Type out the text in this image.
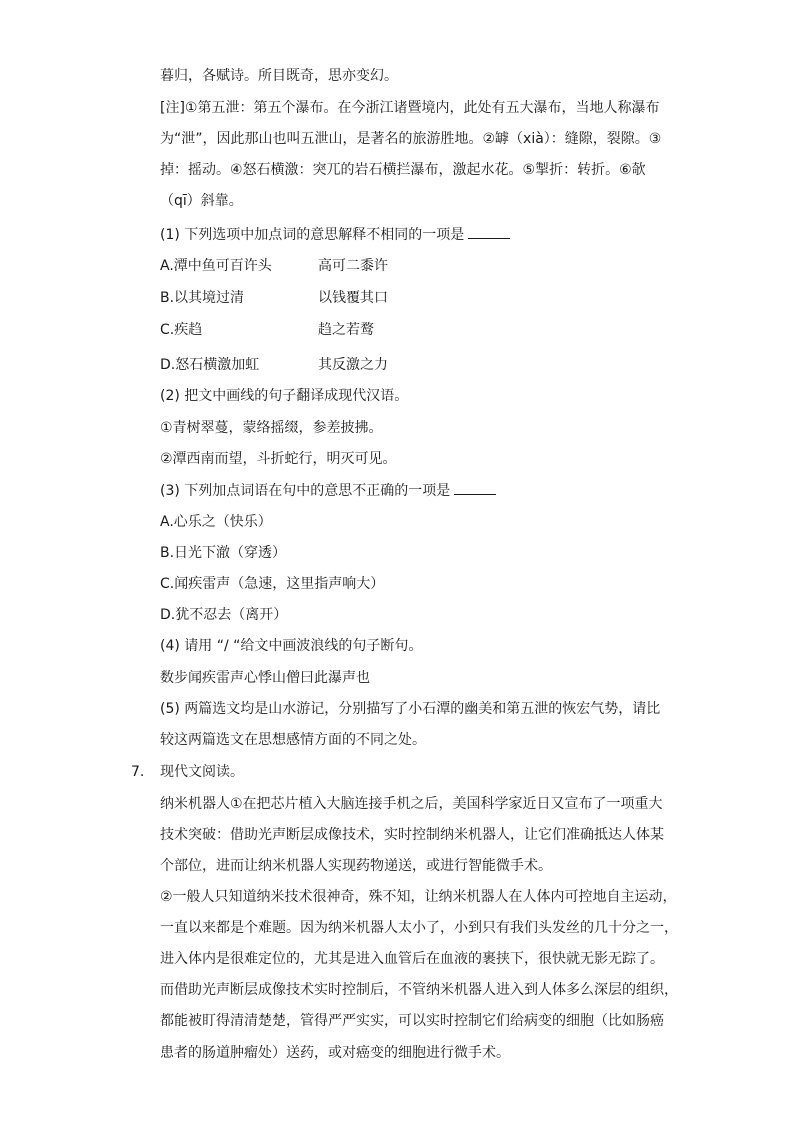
暮归，各赋诗。所目既奇，思亦变幻。
[注]①第五泄：第五个瀑布。在今浙江诸暨境内，此处有五大瀑布，当地人称瀑布
为“泄”，因此那山也叫五泄山，是著名的旅游胜地。②罅（xià）：缝隙，裂隙。③
掉：摇动。④怒石横激：突兀的岩石横拦瀑布，激起水花。⑤掣折：转折。⑥欹
（qī）斜靠。
(1) 下列选项中加点词的意思解释不相同的一项是
A.潭中鱼可百许头	高可二黍许
B.以其境过清	以钱覆其口
C.疾趋	趋之若鹜
D.怒石横激加虹	其反激之力
(2) 把文中画线的句子翻译成现代汉语。
①青树翠蔓，蒙络摇缀，参差披拂。
②潭西南而望，斗折蛇行，明灭可见。
(3) 下列加点词语在句中的意思不正确的一项是
A.心乐之（快乐）
B.日光下澈（穿透）
C.闻疾雷声（急速，这里指声响大）
D.犹不忍去（离开）
(4) 请用 “/ “给文中画波浪线的句子断句。
数步闻疾雷声心悸山僧曰此瀑声也
(5) 两篇选文均是山水游记，分别描写了小石潭的幽美和第五泄的恢宏气势，请比
较这两篇选文在思想感情方面的不同之处。
7. 现代文阅读。
纳米机器人①在把芯片植入大脑连接手机之后，美国科学家近日又宣布了一项重大
技术突破：借助光声断层成像技术，实时控制纳米机器人，让它们准确抵达人体某
个部位，进而让纳米机器人实现药物递送，或进行智能微手术。
②一般人只知道纳米技术很神奇，殊不知，让纳米机器人在人体内可控地自主运动，
一直以来都是个难题。因为纳米机器人太小了，小到只有我们头发丝的几十分之一，
进入体内是很难定位的，尤其是进入血管后在血液的裹挟下，很快就无影无踪了。
而借助光声断层成像技术实时控制后，不管纳米机器人进入到人体多么深层的组织，
都能被盯得清清楚楚，管得严严实实，可以实时控制它们给病变的细胞（比如肠癌
患者的肠道肿瘤处）送药，或对癌变的细胞进行微手术。
